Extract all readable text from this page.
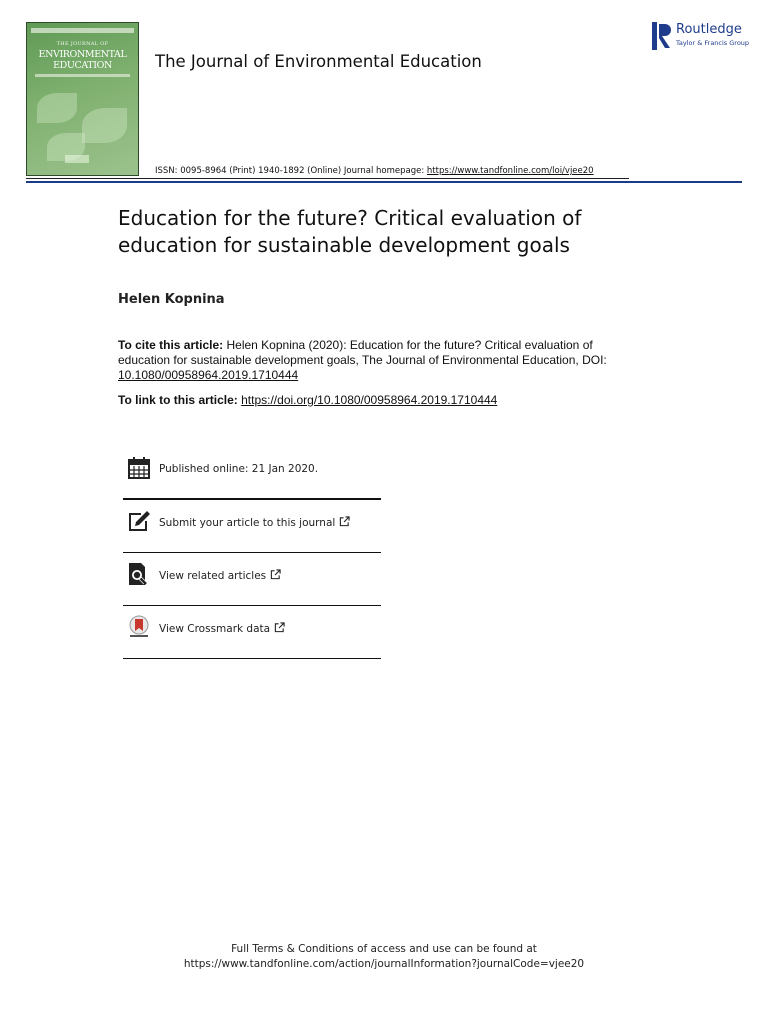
THE JOURNAL OF
ENVIRONMENTAL
EDUCATION	The Journal of Environmental Education
Routledge
Taylor & Francis Group
ISSN: 0095-8964 (Print) 1940-1892 (Online) Journal homepage: https://www.tandfonline.com/loi/vjee20
Education for the future? Critical evaluation of education for sustainable development goals
Helen Kopnina
To cite this article: Helen Kopnina (2020): Education for the future? Critical evaluation of education for sustainable development goals, The Journal of Environmental Education, DOI: 10.1080/00958964.2019.1710444
To link to this article: https://doi.org/10.1080/00958964.2019.1710444
Published online: 21 Jan 2020.
Submit your article to this journal
View related articles
View Crossmark data
Full Terms & Conditions of access and use can be found at
https://www.tandfonline.com/action/journalInformation?journalCode=vjee20
